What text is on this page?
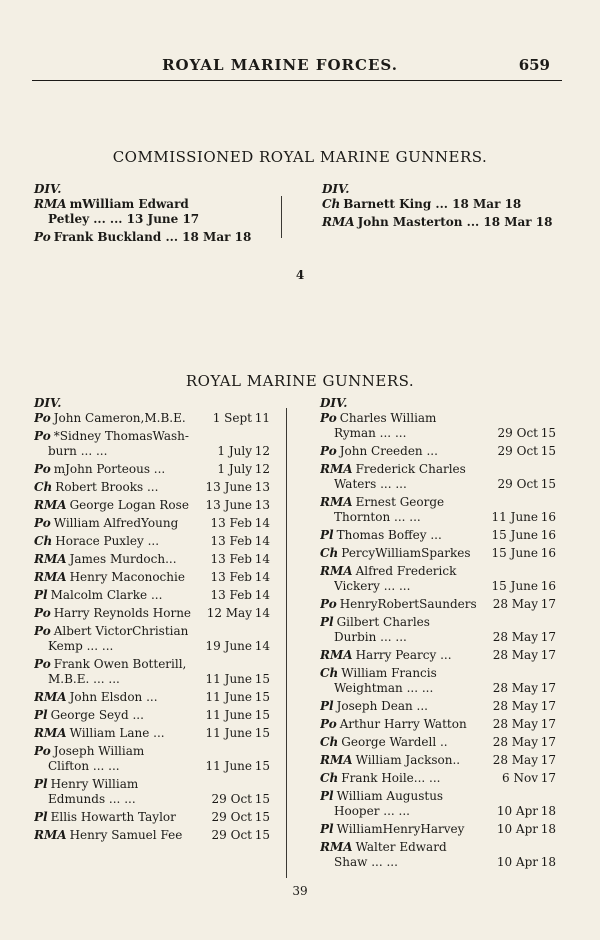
ROYAL MARINE FORCES.	659
COMMISSIONED ROYAL MARINE GUNNERS.
DIV.
RMA mWilliam Edward
Petley ... ... 13 June 17
Po Frank Buckland ... 18 Mar 18
DIV.
Ch Barnett King ... 18 Mar 18
RMA John Masterton ... 18 Mar 18
4
ROYAL MARINE GUNNERS.
DIV.
Po John Cameron,M.B.E.	1 Sept 11
Po *Sidney ThomasWash-
burn ... ...	1 July 12
Po mJohn Porteous ...	1 July 12
Ch Robert Brooks ...	13 June 13
RMA George Logan Rose	13 June 13
Po William AlfredYoung	13 Feb 14
Ch Horace Puxley ...	13 Feb 14
RMA James Murdoch...	13 Feb 14
RMA Henry Maconochie	13 Feb 14
Pl Malcolm Clarke ...	13 Feb 14
Po Harry Reynolds Horne	12 May 14
Po Albert VictorChristian
Kemp ... ...	19 June 14
Po Frank Owen Botterill,
M.B.E. ... ...	11 June 15
RMA John Elsdon ...	11 June 15
Pl George Seyd ...	11 June 15
RMA William Lane ...	11 June 15
Po Joseph William
Clifton ... ...	11 June 15
Pl Henry William
Edmunds ... ...	29 Oct 15
Pl Ellis Howarth Taylor	29 Oct 15
RMA Henry Samuel Fee	29 Oct 15
DIV.
Po Charles William
Ryman ... ...	29 Oct 15
Po John Creeden ...	29 Oct 15
RMA Frederick Charles
Waters ... ...	29 Oct 15
RMA Ernest George
Thornton ... ...	11 June 16
Pl Thomas Boffey ...	15 June 16
Ch PercyWilliamSparkes	15 June 16
RMA Alfred Frederick
Vickery ... ...	15 June 16
Po HenryRobertSaunders	28 May 17
Pl Gilbert Charles
Durbin ... ...	28 May 17
RMA Harry Pearcy ...	28 May 17
Ch William Francis
Weightman ... ...	28 May 17
Pl Joseph Dean ...	28 May 17
Po Arthur Harry Watton	28 May 17
Ch George Wardell ..	28 May 17
RMA William Jackson..	28 May 17
Ch Frank Hoile... ...	6 Nov 17
Pl William Augustus
Hooper ... ...	10 Apr 18
Pl WilliamHenryHarvey	10 Apr 18
RMA Walter Edward
Shaw ... ...	10 Apr 18
39
